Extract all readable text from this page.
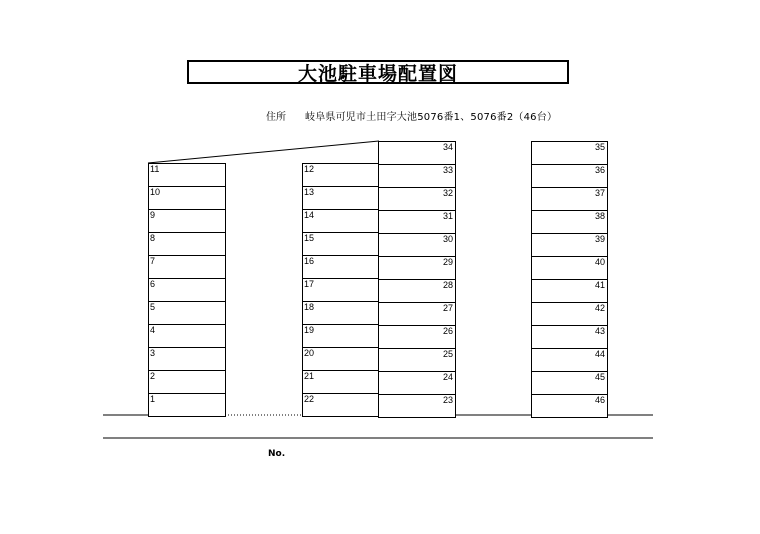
大池駐車場配置図
住所 岐阜県可児市土田字大池5076番1、5076番2（46台）
11
10
9
8
7
6
5
4
3
2
1
12
13
14
15
16
17
18
19
20
21
22
34
33
32
31
30
29
28
27
26
25
24
23
35
36
37
38
39
40
41
42
43
44
45
46
No.
